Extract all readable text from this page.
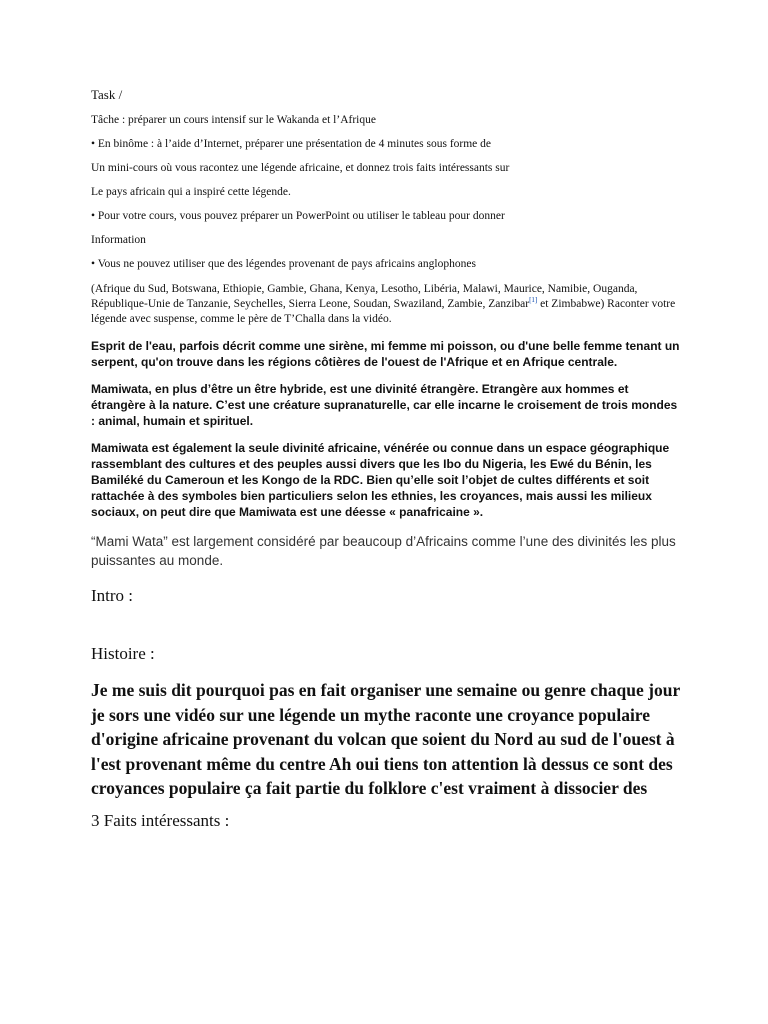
Task /

Tâche : préparer un cours intensif sur le Wakanda et l’Afrique

• En binôme : à l’aide d’Internet, préparer une présentation de 4 minutes sous forme de

Un mini-cours où vous racontez une légende africaine, et donnez trois faits intéressants sur

Le pays africain qui a inspiré cette légende.

• Pour votre cours, vous pouvez préparer un PowerPoint ou utiliser le tableau pour donner

Information

• Vous ne pouvez utiliser que des légendes provenant de pays africains anglophones

(Afrique du Sud, Botswana, Ethiopie, Gambie, Ghana, Kenya, Lesotho, Libéria, Malawi, Maurice, Namibie, Ouganda, République-Unie de Tanzanie, Seychelles, Sierra Leone, Soudan, Swaziland, Zambie, Zanzibar[1] et Zimbabwe) Raconter votre légende avec suspense, comme le père de T’Challa dans la vidéo.

Esprit de l'eau, parfois décrit comme une sirène, mi femme mi poisson, ou d'une belle femme tenant un serpent, qu'on trouve dans les régions côtières de l'ouest de l'Afrique et en Afrique centrale.

Mamiwata, en plus d’être un être hybride, est une divinité étrangère. Etrangère aux hommes et étrangère à la nature. C’est une créature supranaturelle, car elle incarne le croisement de trois mondes : animal, humain et spirituel.

Mamiwata est également la seule divinité africaine, vénérée ou connue dans un espace géographique rassemblant des cultures et des peuples aussi divers que les Ibo du Nigeria, les Ewé du Bénin, les Bamiléké du Cameroun et les Kongo de la RDC. Bien qu’elle soit l’objet de cultes différents et soit rattachée à des symboles bien particuliers selon les ethnies, les croyances, mais aussi les milieux sociaux, on peut dire que Mamiwata est une déesse « panafricaine ».

“Mami Wata” est largement considéré par beaucoup d’Africains comme l’une des divinités les plus puissantes au monde.

Intro :

Histoire :

Je me suis dit pourquoi pas en fait organiser une semaine ou genre chaque jour je sors une vidéo sur une légende un mythe raconte une croyance populaire d'origine africaine provenant du volcan que soient du Nord au sud de l'ouest à l'est provenant même du centre Ah oui tiens ton attention là dessus ce sont des croyances populaire ça fait partie du folklore c'est vraiment à dissocier des

3 Faits intéressants :
